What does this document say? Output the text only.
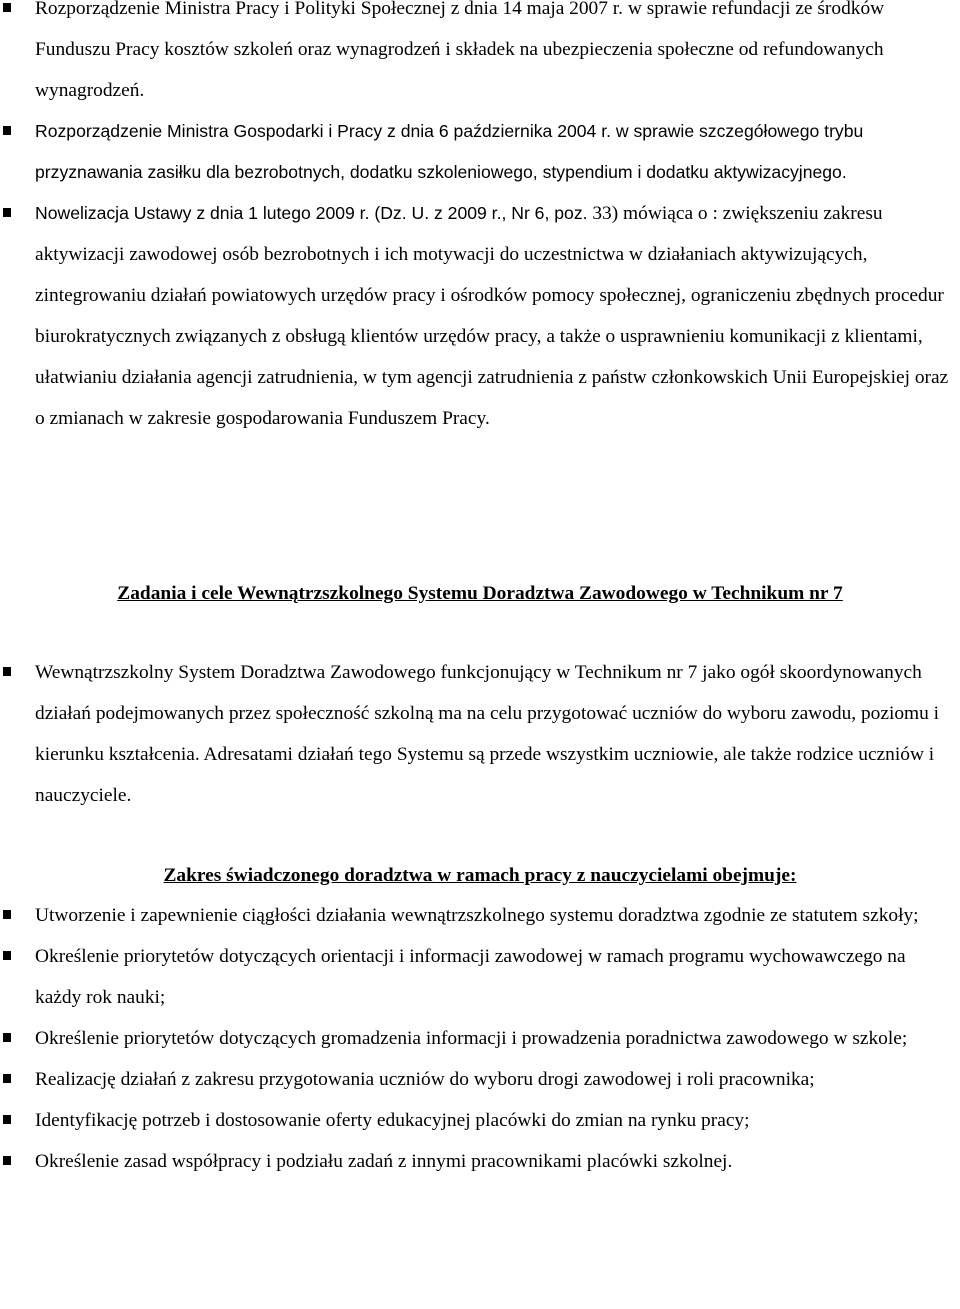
Rozporządzenie Ministra Pracy i Polityki Społecznej z dnia 14 maja 2007 r. w sprawie refundacji ze środków Funduszu Pracy kosztów szkoleń oraz wynagrodzeń i składek na ubezpieczenia społeczne od refundowanych wynagrodzeń.
Rozporządzenie Ministra Gospodarki i Pracy z dnia 6 października 2004 r. w sprawie szczegółowego trybu przyznawania zasiłku dla bezrobotnych, dodatku szkoleniowego, stypendium i dodatku aktywizacyjnego.
Nowelizacja Ustawy z dnia 1 lutego 2009 r. (Dz. U. z 2009 r., Nr 6, poz. 33) mówiąca o : zwiększeniu zakresu aktywizacji zawodowej osób bezrobotnych i ich motywacji do uczestnictwa w działaniach aktywizujących, zintegrowaniu działań powiatowych urzędów pracy i ośrodków pomocy społecznej, ograniczeniu zbędnych procedur biurokratycznych związanych z obsługą klientów urzędów pracy, a także o usprawnieniu komunikacji z klientami, ułatwianiu działania agencji zatrudnienia, w tym agencji zatrudnienia z państw członkowskich Unii Europejskiej oraz o zmianach w zakresie gospodarowania Funduszem Pracy.
Zadania i cele Wewnątrzszkolnego Systemu Doradztwa Zawodowego w Technikum nr 7
Wewnątrzszkolny System Doradztwa Zawodowego funkcjonujący w Technikum nr 7 jako ogół skoordynowanych działań podejmowanych przez społeczność szkolną ma na celu przygotować uczniów do wyboru zawodu, poziomu i kierunku kształcenia. Adresatami działań tego Systemu są przede wszystkim uczniowie, ale także rodzice uczniów i nauczyciele.
Zakres świadczonego doradztwa w ramach pracy z nauczycielami obejmuje:
Utworzenie i zapewnienie ciągłości działania wewnątrzszkolnego systemu doradztwa zgodnie ze statutem szkoły;
Określenie priorytetów dotyczących orientacji i informacji zawodowej w ramach programu wychowawczego na każdy rok nauki;
Określenie priorytetów dotyczących gromadzenia informacji i prowadzenia poradnictwa zawodowego w szkole;
Realizację działań z zakresu przygotowania uczniów do wyboru drogi zawodowej i roli pracownika;
Identyfikację potrzeb i dostosowanie oferty edukacyjnej placówki do zmian na rynku pracy;
Określenie zasad współpracy i podziału zadań z innymi pracownikami placówki szkolnej.
